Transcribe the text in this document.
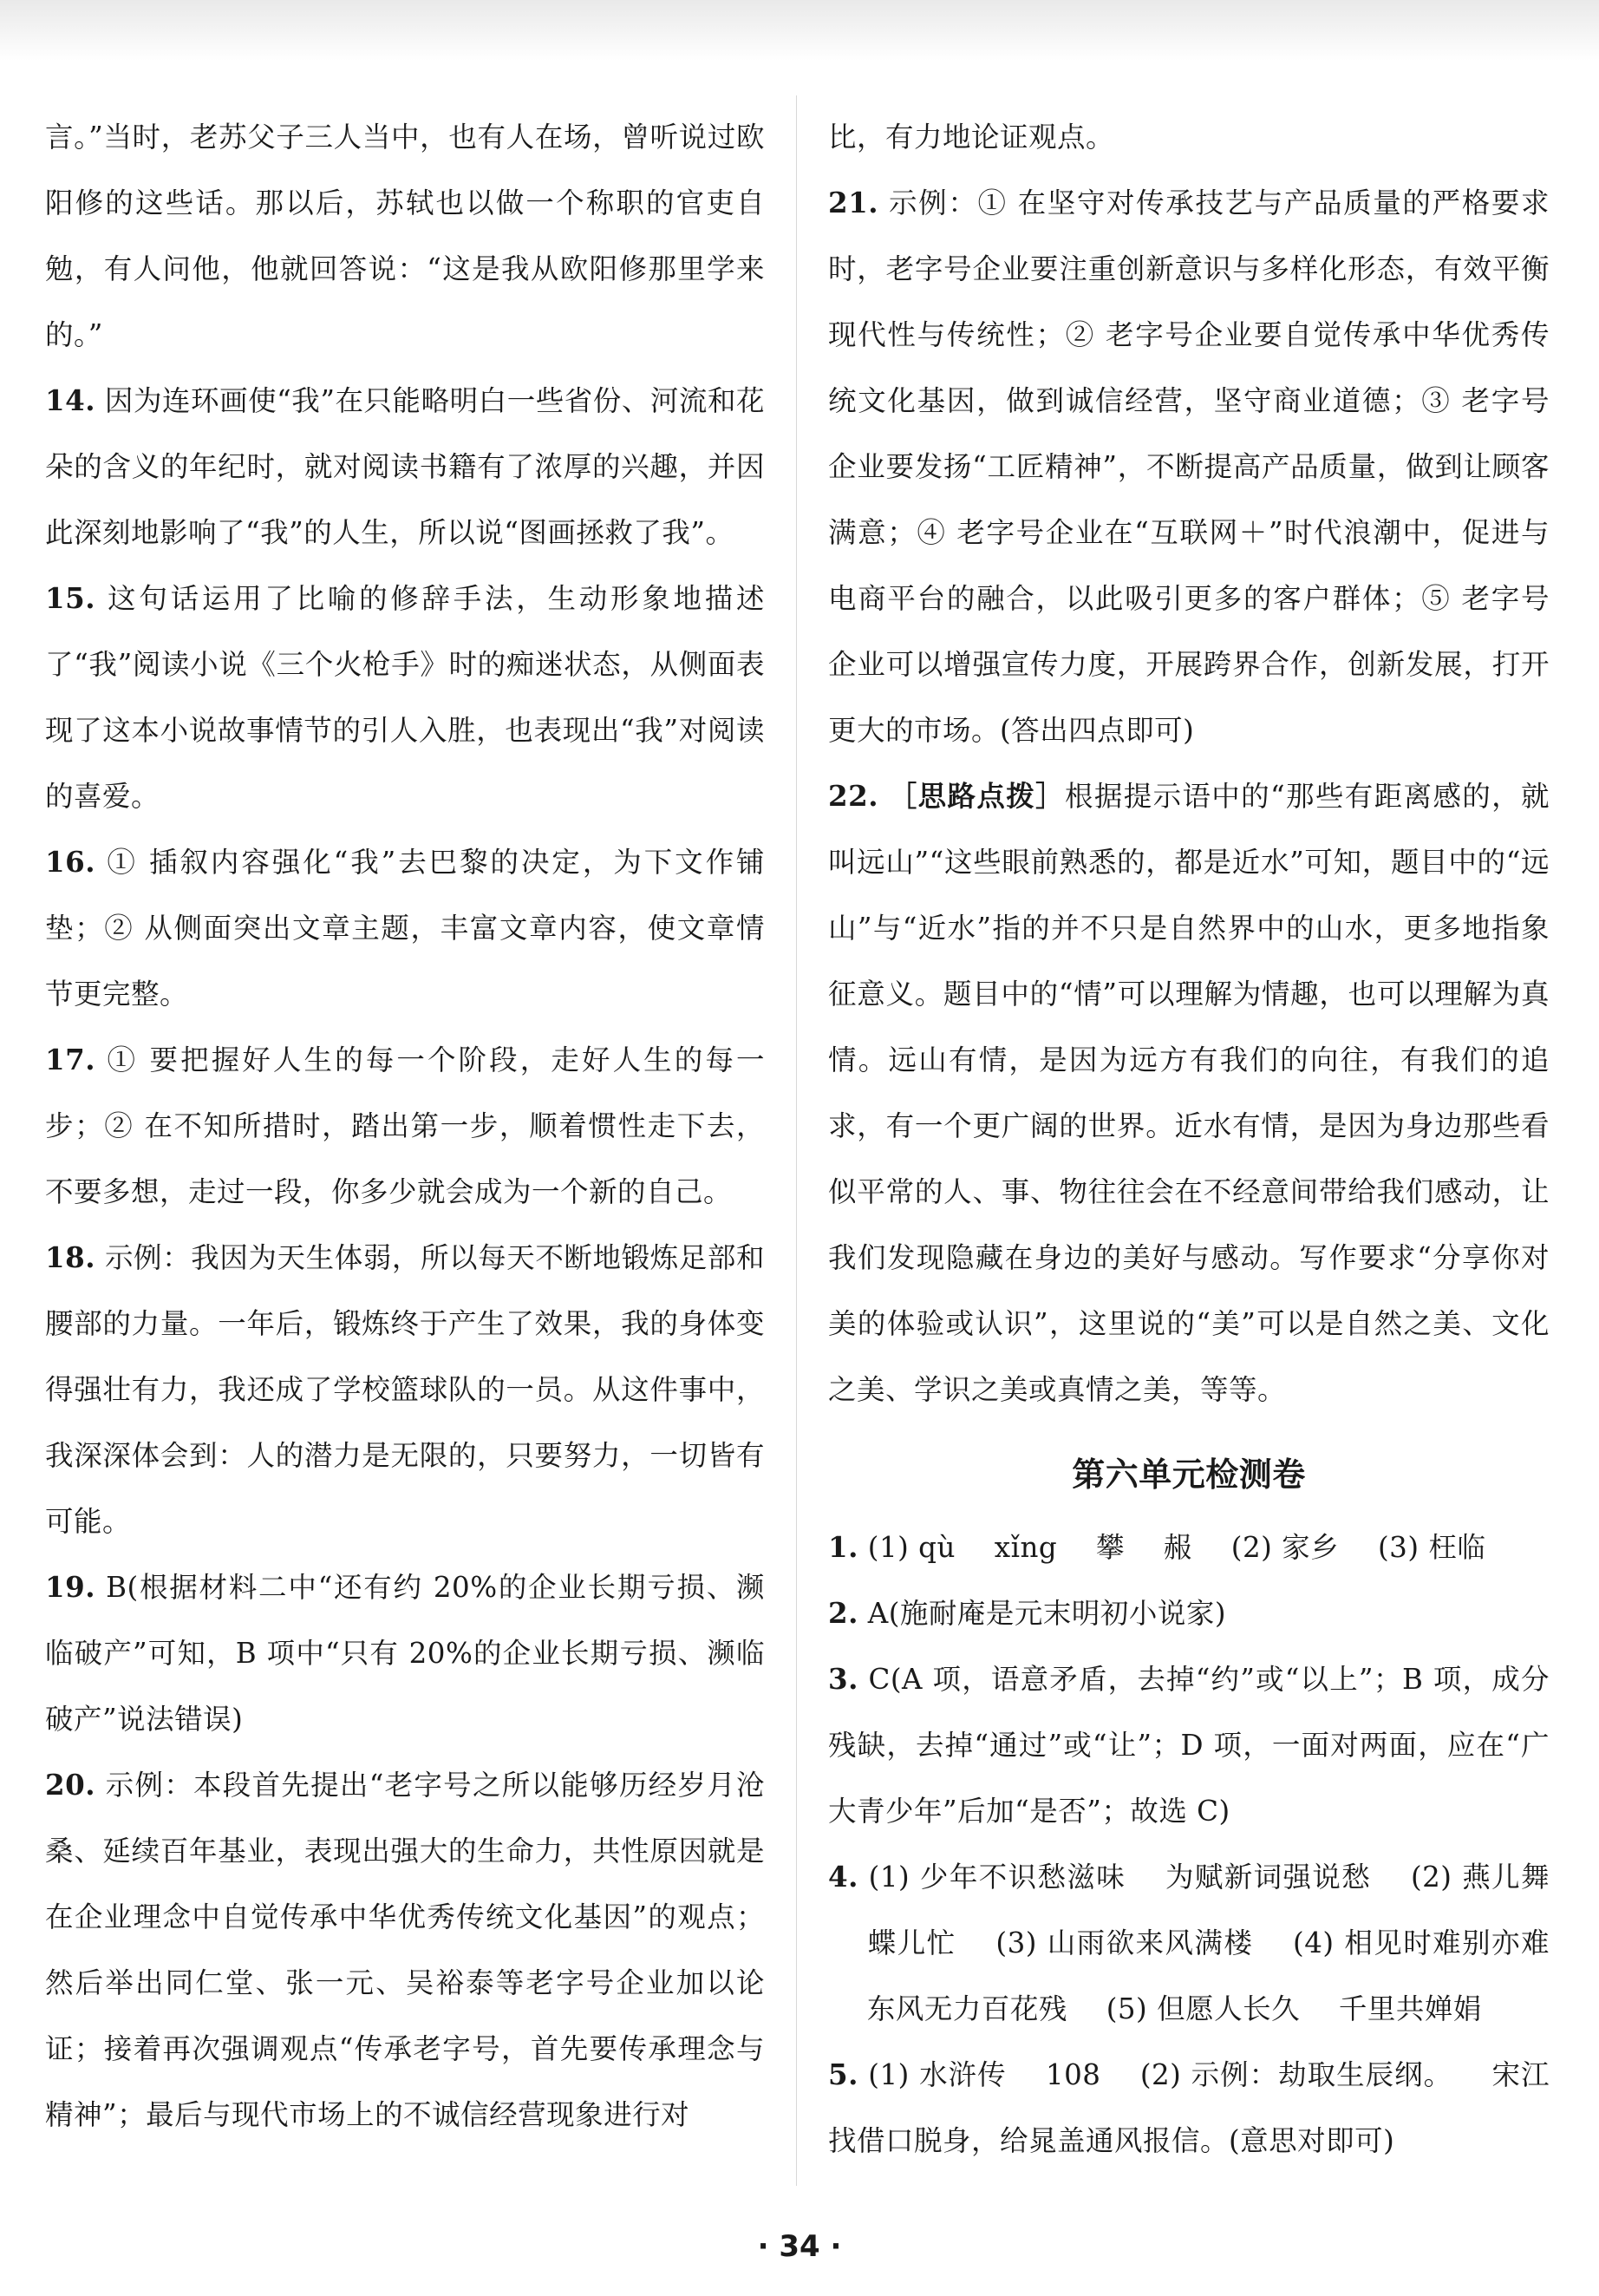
言。”当时，老苏父子三人当中，也有人在场，曾听说过欧阳修的这些话。那以后，苏轼也以做一个称职的官吏自勉，有人问他，他就回答说：“这是我从欧阳修那里学来的。”
14. 因为连环画使“我”在只能略明白一些省份、河流和花朵的含义的年纪时，就对阅读书籍有了浓厚的兴趣，并因此深刻地影响了“我”的人生，所以说“图画拯救了我”。
15. 这句话运用了比喻的修辞手法，生动形象地描述了“我”阅读小说《三个火枪手》时的痴迷状态，从侧面表现了这本小说故事情节的引人入胜，也表现出“我”对阅读的喜爱。
16. ① 插叙内容强化“我”去巴黎的决定，为下文作铺垫；② 从侧面突出文章主题，丰富文章内容，使文章情节更完整。
17. ① 要把握好人生的每一个阶段，走好人生的每一步；② 在不知所措时，踏出第一步，顺着惯性走下去，不要多想，走过一段，你多少就会成为一个新的自己。
18. 示例：我因为天生体弱，所以每天不断地锻炼足部和腰部的力量。一年后，锻炼终于产生了效果，我的身体变得强壮有力，我还成了学校篮球队的一员。从这件事中，我深深体会到：人的潜力是无限的，只要努力，一切皆有可能。
19. B(根据材料二中“还有约 20%的企业长期亏损、濒临破产”可知，B 项中“只有 20%的企业长期亏损、濒临破产”说法错误)
20. 示例：本段首先提出“老字号之所以能够历经岁月沧桑、延续百年基业，表现出强大的生命力，共性原因就是在企业理念中自觉传承中华优秀传统文化基因”的观点；然后举出同仁堂、张一元、吴裕泰等老字号企业加以论证；接着再次强调观点“传承老字号，首先要传承理念与精神”；最后与现代市场上的不诚信经营现象进行对
比，有力地论证观点。
21. 示例：① 在坚守对传承技艺与产品质量的严格要求时，老字号企业要注重创新意识与多样化形态，有效平衡现代性与传统性；② 老字号企业要自觉传承中华优秀传统文化基因，做到诚信经营，坚守商业道德；③ 老字号企业要发扬“工匠精神”，不断提高产品质量，做到让顾客满意；④ 老字号企业在“互联网＋”时代浪潮中，促进与电商平台的融合，以此吸引更多的客户群体；⑤ 老字号企业可以增强宣传力度，开展跨界合作，创新发展，打开更大的市场。(答出四点即可)
22. ［思路点拨］根据提示语中的“那些有距离感的，就叫远山”“这些眼前熟悉的，都是近水”可知，题目中的“远山”与“近水”指的并不只是自然界中的山水，更多地指象征意义。题目中的“情”可以理解为情趣，也可以理解为真情。远山有情，是因为远方有我们的向往，有我们的追求，有一个更广阔的世界。近水有情，是因为身边那些看似平常的人、事、物往往会在不经意间带给我们感动，让我们发现隐藏在身边的美好与感动。写作要求“分享你对美的体验或认识”，这里说的“美”可以是自然之美、文化之美、学识之美或真情之美，等等。
第六单元检测卷
1. (1) qù xǐng 攀 赧 (2) 家乡 (3) 枉临
2. A(施耐庵是元末明初小说家)
3. C(A 项，语意矛盾，去掉“约”或“以上”；B 项，成分残缺，去掉“通过”或“让”；D 项，一面对两面，应在“广大青少年”后加“是否”；故选 C)
4. (1) 少年不识愁滋味 为赋新词强说愁 (2) 燕儿舞 蝶儿忙 (3) 山雨欲来风满楼 (4) 相见时难别亦难 东风无力百花残 (5) 但愿人长久 千里共婵娟
5. (1) 水浒传 108 (2) 示例：劫取生辰纲。 宋江找借口脱身，给晁盖通风报信。(意思对即可)
· 34 ·
